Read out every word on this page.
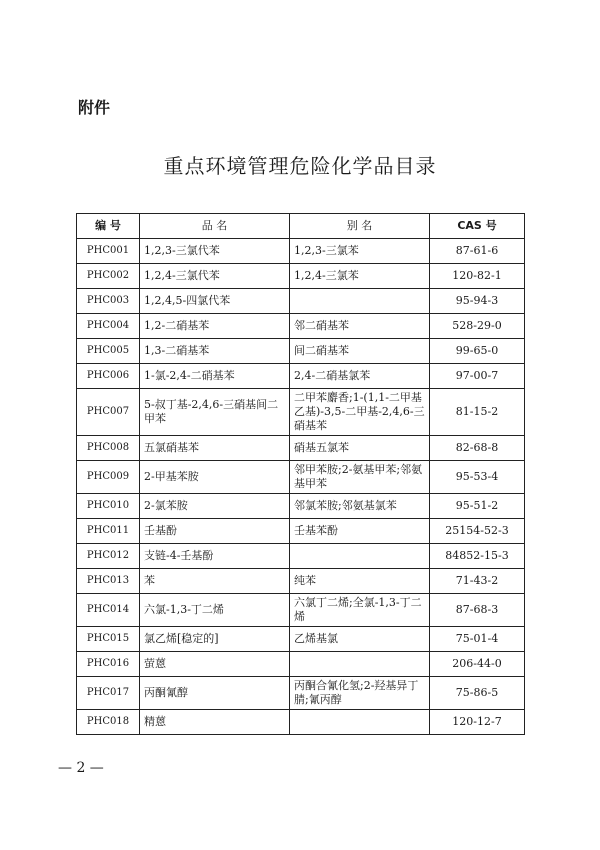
附件
重点环境管理危险化学品目录
编 号	品 名	别 名	CAS 号
PHC001	1,2,3-三氯代苯	1,2,3-三氯苯	87-61-6
PHC002	1,2,4-三氯代苯	1,2,4-三氯苯	120-82-1
PHC003	1,2,4,5-四氯代苯		95-94-3
PHC004	1,2-二硝基苯	邻二硝基苯	528-29-0
PHC005	1,3-二硝基苯	间二硝基苯	99-65-0
PHC006	1-氯-2,4-二硝基苯	2,4-二硝基氯苯	97-00-7
PHC007	5-叔丁基-2,4,6-三硝基间二甲苯	二甲苯麝香;1-(1,1-二甲基乙基)-3,5-二甲基-2,4,6-三硝基苯	81-15-2
PHC008	五氯硝基苯	硝基五氯苯	82-68-8
PHC009	2-甲基苯胺	邻甲苯胺;2-氨基甲苯;邻氨基甲苯	95-53-4
PHC010	2-氯苯胺	邻氯苯胺;邻氨基氯苯	95-51-2
PHC011	壬基酚	壬基苯酚	25154-52-3
PHC012	支链-4-壬基酚		84852-15-3
PHC013	苯	纯苯	71-43-2
PHC014	六氯-1,3-丁二烯	六氯丁二烯;全氯-1,3-丁二烯	87-68-3
PHC015	氯乙烯[稳定的]	乙烯基氯	75-01-4
PHC016	萤蒽		206-44-0
PHC017	丙酮氰醇	丙酮合氰化氢;2-羟基异丁腈;氰丙醇	75-86-5
PHC018	精蒽		120-12-7
— 2 —
